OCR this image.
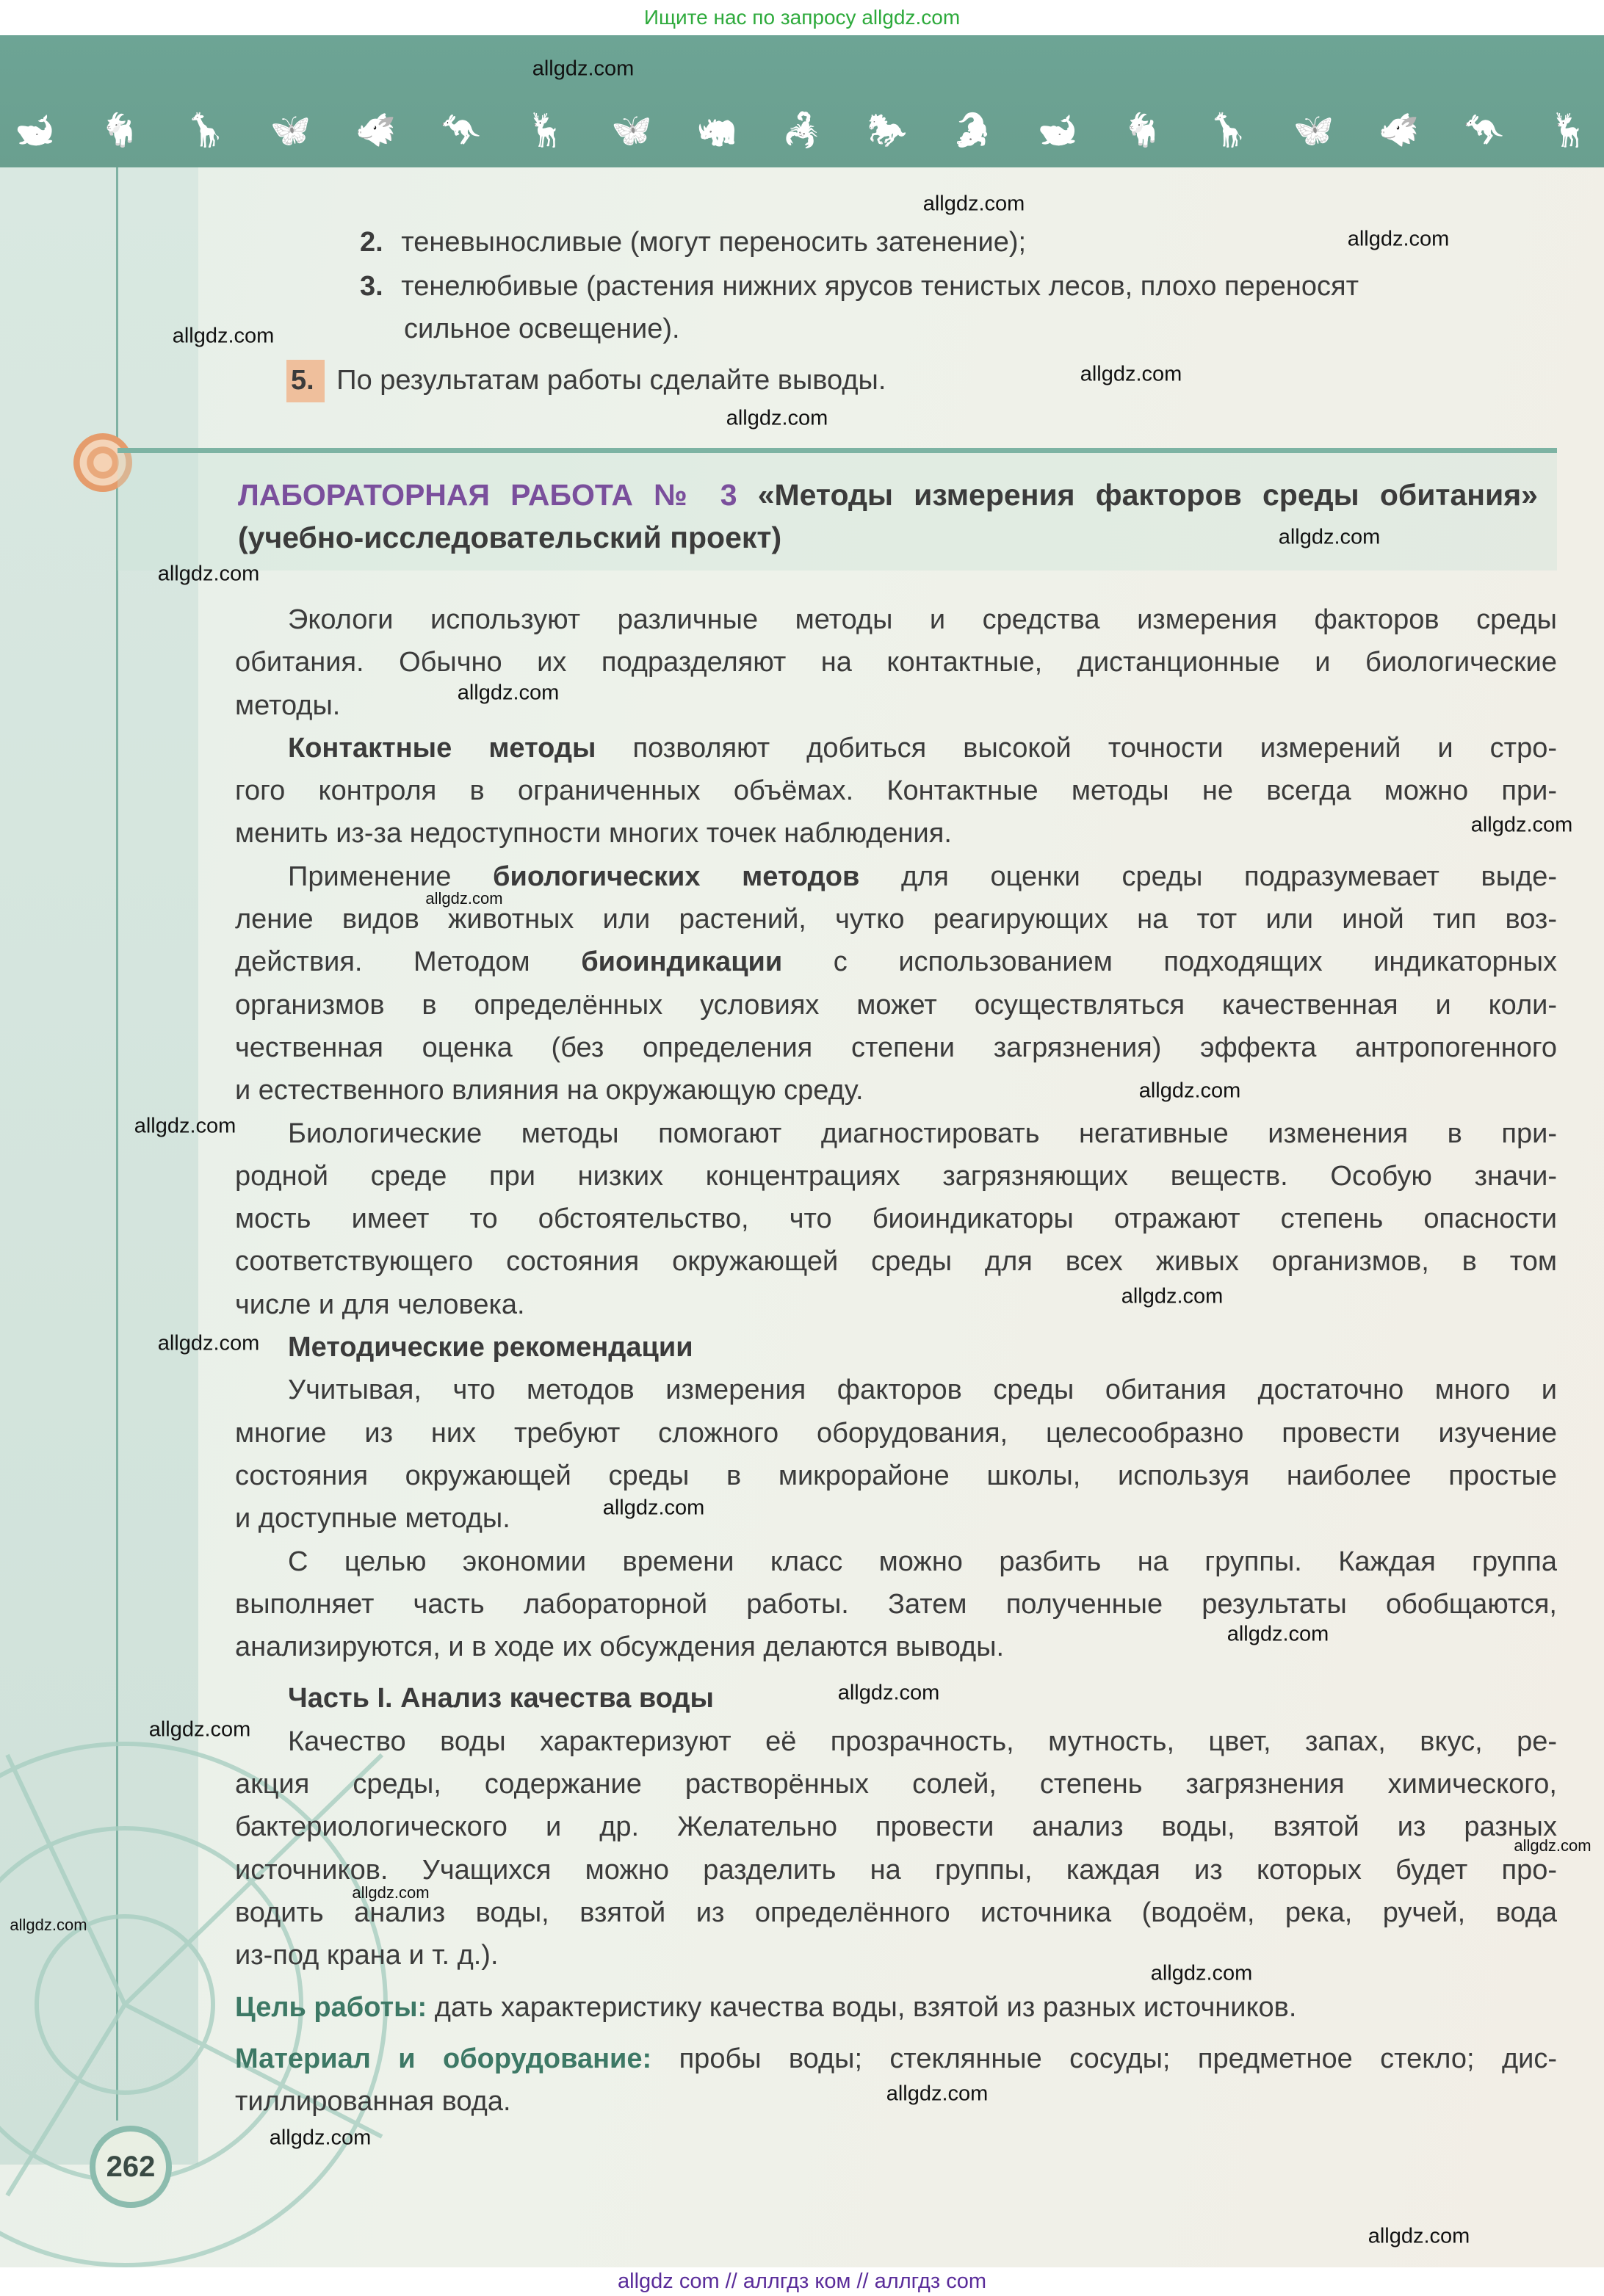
Ищите нас по запросу allgdz.com
🐋 🐐 🦒 🦋 🐗 🦘 🦌 🦋 🦏 🦂 🐎 🐊 🐋 🐐 🦒 🦋 🐗 🦘 🦌
2. теневыносливые (могут переносить затенение);
3. тенелюбивые (растения нижних ярусов тенистых лесов, плохо переносят
сильное освещение).
5. По результатам работы сделайте выводы.
ЛАБОРАТОРНАЯ РАБОТА № 3 «Методы измерения факторов среды обитания»
(учебно-исследовательский проект)
Экологи используют различные методы и средства измерения факторов среды
обитания. Обычно их подразделяют на контактные, дистанционные и биологические
методы.
Контактные методы позволяют добиться высокой точности измерений и стро-
гого контроля в ограниченных объёмах. Контактные методы не всегда можно при-
менить из-за недоступности многих точек наблюдения.
Применение биологических методов для оценки среды подразумевает выде-
ление видов животных или растений, чутко реагирующих на тот или иной тип воз-
действия. Методом биоиндикации с использованием подходящих индикаторных
организмов в определённых условиях может осуществляться качественная и коли-
чественная оценка (без определения степени загрязнения) эффекта антропогенного
и естественного влияния на окружающую среду.
Биологические методы помогают диагностировать негативные изменения в при-
родной среде при низких концентрациях загрязняющих веществ. Особую значи-
мость имеет то обстоятельство, что биоиндикаторы отражают степень опасности
соответствующего состояния окружающей среды для всех живых организмов, в том
числе и для человека.
Методические рекомендации
Учитывая, что методов измерения факторов среды обитания достаточно много и
многие из них требуют сложного оборудования, целесообразно провести изучение
состояния окружающей среды в микрорайоне школы, используя наиболее простые
и доступные методы.
С целью экономии времени класс можно разбить на группы. Каждая группа
выполняет часть лабораторной работы. Затем полученные результаты обобщаются,
анализируются, и в ходе их обсуждения делаются выводы.
Часть I. Анализ качества воды
Качество воды характеризуют её прозрачность, мутность, цвет, запах, вкус, ре-
акция среды, содержание растворённых солей, степень загрязнения химического,
бактериологического и др. Желательно провести анализ воды, взятой из разных
источников. Учащихся можно разделить на группы, каждая из которых будет про-
водить анализ воды, взятой из определённого источника (водоём, река, ручей, вода
из-под крана и т. д.).
Цель работы: дать характеристику качества воды, взятой из разных источников.
Материал и оборудование: пробы воды; стеклянные сосуды; предметное стекло; дис-
тиллированная вода.
262
allgdz.com
allgdz.com
allgdz.com
allgdz.com
allgdz.com
allgdz.com
allgdz.com
allgdz.com
allgdz.com
allgdz.com
allgdz.com
allgdz.com
allgdz.com
allgdz.com
allgdz.com
allgdz.com
allgdz.com
allgdz.com
allgdz.com
allgdz.com
allgdz.com
allgdz.com
allgdz.com
allgdz.com
allgdz.com
allgdz.com
allgdz com // аллгдз ком // аллгдз com
